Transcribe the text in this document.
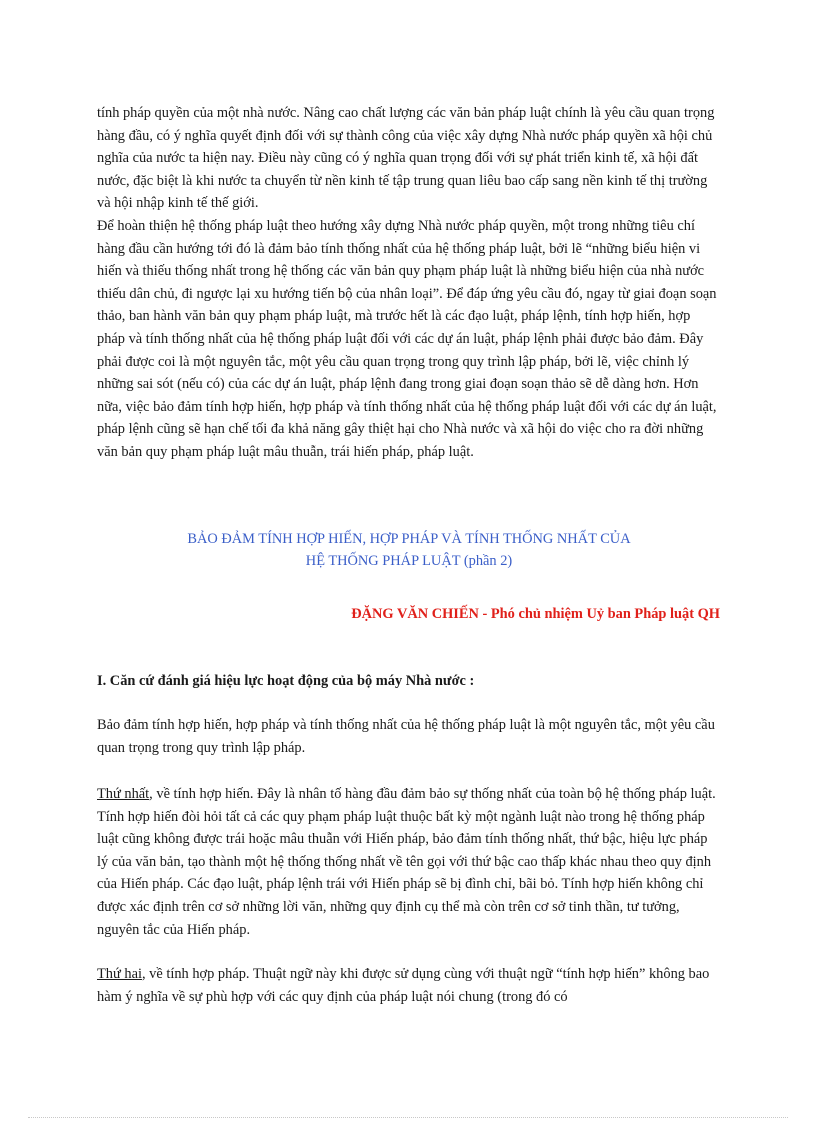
tính pháp quyền của một nhà nước. Nâng cao chất lượng các văn bản pháp luật chính là yêu cầu quan trọng hàng đầu, có ý nghĩa quyết định đối với sự thành công của việc xây dựng Nhà nước pháp quyền xã hội chủ nghĩa của nước ta hiện nay. Điều này cũng có ý nghĩa quan trọng đối với sự phát triển kinh tế, xã hội đất nước, đặc biệt là khi nước ta chuyển từ nền kinh tế tập trung quan liêu bao cấp sang nền kinh tế thị trường và hội nhập kinh tế thế giới.

Để hoàn thiện hệ thống pháp luật theo hướng xây dựng Nhà nước pháp quyền, một trong những tiêu chí hàng đầu cần hướng tới đó là đảm bảo tính thống nhất của hệ thống pháp luật, bởi lẽ “những biểu hiện vi hiến và thiếu thống nhất trong hệ thống các văn bản quy phạm pháp luật là những biểu hiện của nhà nước thiếu dân chủ, đi ngược lại xu hướng tiến bộ của nhân loại”. Để đáp ứng yêu cầu đó, ngay từ giai đoạn soạn thảo, ban hành văn bản quy phạm pháp luật, mà trước hết là các đạo luật, pháp lệnh, tính hợp hiến, hợp pháp và tính thống nhất của hệ thống pháp luật đối với các dự án luật, pháp lệnh phải được bảo đảm. Đây phải được coi là một nguyên tắc, một yêu cầu quan trọng trong quy trình lập pháp, bởi lẽ, việc chỉnh lý những sai sót (nếu có) của các dự án luật, pháp lệnh đang trong giai đoạn soạn thảo sẽ dễ dàng hơn. Hơn nữa, việc bảo đảm tính hợp hiến, hợp pháp và tính thống nhất của hệ thống pháp luật đối với các dự án luật, pháp lệnh cũng sẽ hạn chế tối đa khả năng gây thiệt hại cho Nhà nước và xã hội do việc cho ra đời những văn bản quy phạm pháp luật mâu thuẫn, trái hiến pháp, pháp luật.

BẢO ĐẢM TÍNH HỢP HIẾN, HỢP PHÁP VÀ TÍNH THỐNG NHẤT CỦA
HỆ THỐNG PHÁP LUẬT (phần 2)

ĐẶNG VĂN CHIẾN - Phó chủ nhiệm Uỷ ban Pháp luật QH

I. Căn cứ đánh giá hiệu lực hoạt động của bộ máy Nhà nước :

Bảo đảm tính hợp hiến, hợp pháp và tính thống nhất của hệ thống pháp luật là một nguyên tắc, một yêu cầu quan trọng trong quy trình lập pháp.

Thứ nhất, về tính hợp hiến. Đây là nhân tố hàng đầu đảm bảo sự thống nhất của toàn bộ hệ thống pháp luật. Tính hợp hiến đòi hỏi tất cả các quy phạm pháp luật thuộc bất kỳ một ngành luật nào trong hệ thống pháp luật cũng không được trái hoặc mâu thuẫn với Hiến pháp, bảo đảm tính thống nhất, thứ bậc, hiệu lực pháp lý của văn bản, tạo thành một hệ thống thống nhất về tên gọi với thứ bậc cao thấp khác nhau theo quy định của Hiến pháp. Các đạo luật, pháp lệnh trái với Hiến pháp sẽ bị đình chỉ, bãi bỏ. Tính hợp hiến không chỉ được xác định trên cơ sở những lời văn, những quy định cụ thể mà còn trên cơ sở tinh thần, tư tưởng, nguyên tắc của Hiến pháp.

Thứ hai, về tính hợp pháp. Thuật ngữ này khi được sử dụng cùng với thuật ngữ “tính hợp hiến” không bao hàm ý nghĩa về sự phù hợp với các quy định của pháp luật nói chung (trong đó có
